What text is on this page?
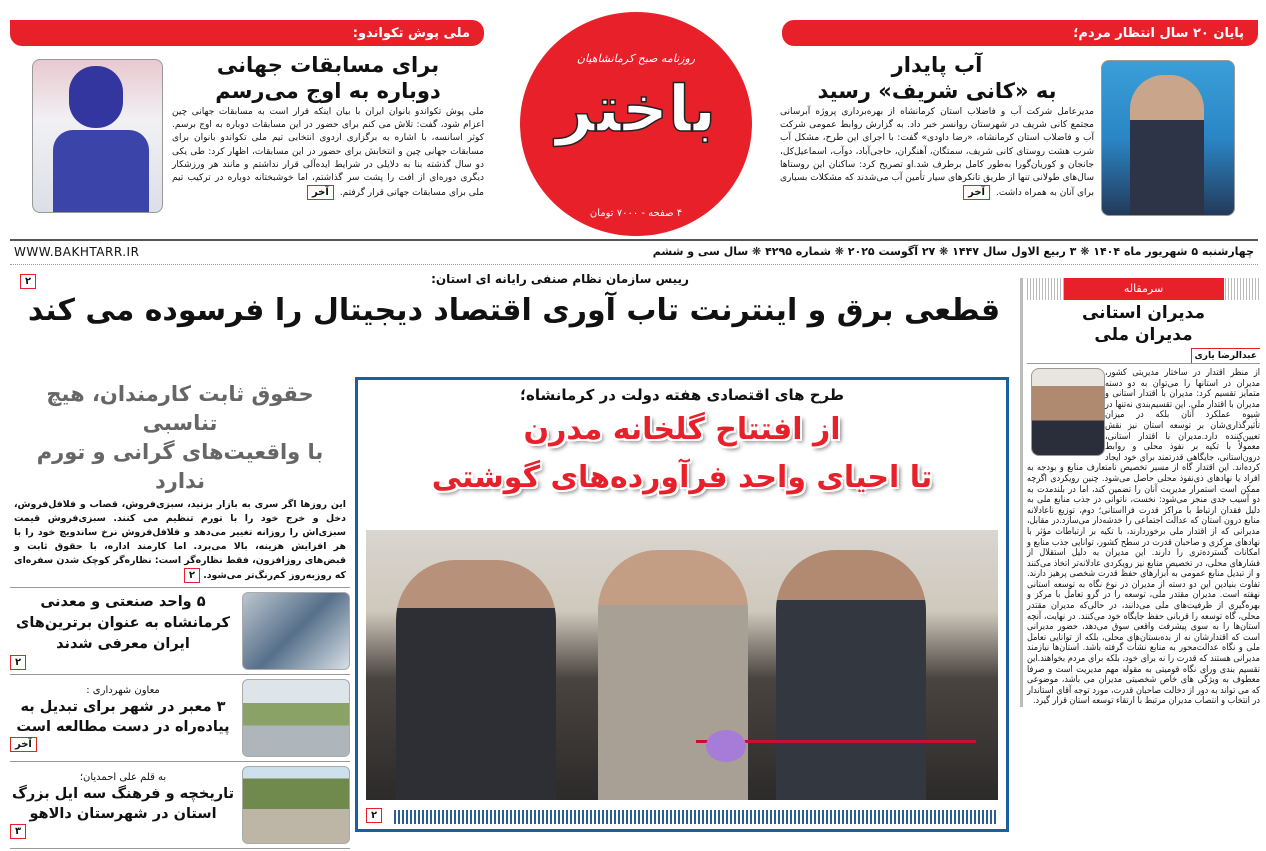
پایان ۲۰ سال انتظار مردم؛
ملی پوش تکواندو:
باختر
روزنامه صبح کرمانشاهیان
۴ صفحه - ۷۰۰۰ تومان
آب پایدار
به «کانی شریف» رسید
مدیرعامل شرکت آب و فاضلاب استان کرمانشاه از بهره‌برداری پروژه آبرسانی مجتمع کانی شریف در شهرستان روانسر خبر داد. به گزارش روابط عمومی شرکت آب و فاضلاب استان کرمانشاه، «رضا داودی» گفت: با اجرای این طرح، مشکل آب شرب هشت روستای کانی شریف، سمتگان، آهنگران، حاجی‌آباد، دوآب، اسماعیل‌کل، جانجان و کوریان‌گورا به‌طور کامل برطرف شد.او تصریح کرد: ساکنان این روستاها سال‌های طولانی تنها از طریق تانکرهای سیار تأمین آب می‌شدند که مشکلات بسیاری برای آنان به همراه داشت.آخر
برای مسابقات جهانی
دوباره به اوج می‌رسم
ملی پوش تکواندو بانوان ایران با بیان اینکه قرار است به مسابقات جهانی چین اعزام شود، گفت: تلاش می کنم برای حضور در این مسابقات دوباره به اوج برسم. کوثر اسانسه، با اشاره به برگزاری اردوی انتخابی تیم ملی تکواندو بانوان برای مسابقات جهانی چین و انتخابش برای حضور در این مسابقات، اظهار کرد: طی یکی دو سال گذشته بنا به دلایلی در شرایط ایده‌آلی قرار نداشتم و مانند هر ورزشکار دیگری دوره‌ای از افت را پشت سر گذاشتم، اما خوشبختانه دوباره در ترکیب تیم ملی برای مسابقات جهانی قرار گرفتم.آخر
چهارشنبه ۵ شهریور ماه ۱۴۰۴ ❋ ۳ ربیع الاول سال ۱۴۴۷ ❋ ۲۷ آگوست ۲۰۲۵ ❋ شماره ۴۲۹۵ ❋ سال سی و ششم
WWW.BAKHTARR.IR
رییس سازمان نظام صنفی رایانه ای استان:
۲
قطعی برق و اینترنت تاب آوری اقتصاد دیجیتال را فرسوده می کند
طرح های اقتصادی هفته دولت در کرمانشاه؛
از افتتاح گلخانه مدرن
تا احیای واحد فرآورده‌های گوشتی
۲
حقوق ثابت کارمندان، هیچ تناسبی
با واقعیت‌های گرانی و تورم ندارد
این روزها اگر سری به بازار بزنید، سبزی‌فروش، قصاب و فلافل‌فروش، دخل و خرج خود را با تورم تنظیم می کنند. سبزی‌فروش قیمت سبزی‌اش را روزانه تغییر می‌دهد و فلافل‌فروش نرخ ساندویچ خود را با هر افزایش هزینه، بالا می‌برد. اما کارمند اداره، با حقوق ثابت و قبض‌های روزافزون، فقط نظاره‌گر است: نظاره‌گر کوچک شدن سفره‌ای که روزبه‌روز کم‌رنگ‌تر می‌شود. ۲
۵ واحد صنعتی و معدنی کرمانشاه به عنوان برترین‌های ایران معرفی شدند
۲
معاون شهرداری :
۳ معبر در شهر برای تبدیل به پیاده‌راه در دست مطالعه است
آخر
به قلم علی احمدیان؛
تاریخچه و فرهنگ سه ایل بزرگ استان در شهرستان دالاهو
۳
سرمقاله
مدیران استانی
مدیران ملی
عبدالرضا یاری
از منظر اقتدار در ساختار مدیریتی کشور، مدیران در استانها را می‌توان به دو دسته متمایز تقسیم کرد: مدیران با اقتدار استانی و مدیران با اقتدار ملی. این تقسیم‌بندی نه‌تنها در شیوه عملکرد آنان بلکه در میزان تأثیرگذاری‌شان بر توسعه استان نیز نقش تعیین‌کننده دارد.مدیران با اقتدار استانی، معمولاً با تکیه بر نفوذ محلی و روابط درون‌استانی، جایگاهی قدرتمند برای خود ایجاد کرده‌اند. این اقتدار گاه از مسیر تخصیص نامتعارف منابع و بودجه به افراد یا نهادهای ذی‌نفوذ محلی حاصل می‌شود. چنین رویکردی اگرچه ممکن است استمرار مدیریت آنان را تضمین کند، اما در بلندمدت به دو آسیب جدی منجر می‌شود: نخست، ناتوانی در جذب منابع ملی به دلیل فقدان ارتباط با مراکز قدرت فرااستانی؛ دوم، توزیع ناعادلانه منابع درون استان که عدالت اجتماعی را خدشه‌دار می‌سازد.در مقابل، مدیرانی که از اقتدار ملی برخوردارند، با تکیه بر ارتباطات مؤثر با نهادهای مرکزی و صاحبان قدرت در سطح کشور، توانایی جذب منابع و امکانات گسترده‌تری را دارند. این مدیران به دلیل استقلال از فشارهای محلی، در تخصیص منابع نیز رویکردی عادلانه‌تر اتخاذ می‌کنند و از تبدیل منابع عمومی به ابزارهای حفظ قدرت شخصی پرهیز دارند. تفاوت بنیادین این دو دسته از مدیران در نوع نگاه به توسعه استانی نهفته است. مدیران مقتدر ملی، توسعه را در گرو تعامل با مرکز و بهره‌گیری از ظرفیت‌های ملی می‌دانند، در حالی‌که مدیران مقتدر محلی، گاه توسعه را قربانی حفظ جایگاه خود می‌کنند. در نهایت، آنچه استان‌ها را به سوی پیشرفت واقعی سوق می‌دهد، حضور مدیرانی است که اقتدارشان نه از بده‌بستان‌های محلی، بلکه از توانایی تعامل ملی و نگاه عدالت‌محور به منابع نشأت گرفته باشد. استان‌ها نیازمند مدیرانی هستند که قدرت را نه برای خود، بلکه برای مردم بخواهند.این تقسیم بندی ورای نگاه قومیتی به مقوله مهم مدیریت است و صرفا معطوف به ویژگی های خاص شخصیتی مدیران می باشد، موضوعی که می تواند به دور از دخالت صاحبان قدرت، مورد توجه آقای استاندار در انتخاب و انتصاب مدیران مرتبط با ارتقاء توسعه استان قرار گیرد.
